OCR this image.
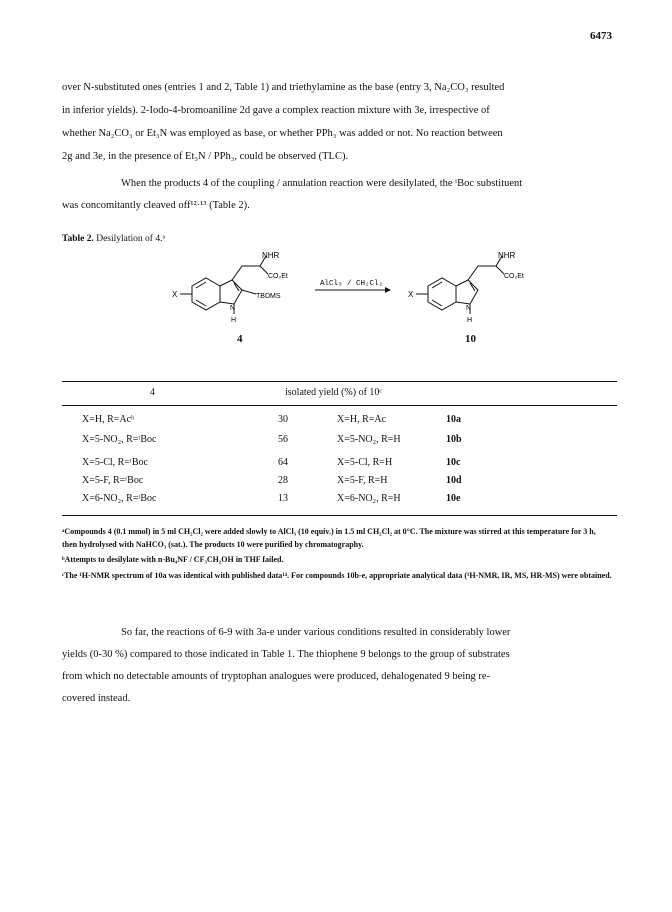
6473
over N-substituted ones (entries 1 and 2, Table 1) and triethylamine as the base (entry 3, Na₂CO₃ resulted
in inferior yields). 2-Iodo-4-bromoaniline 2d gave a complex reaction mixture with 3e, irrespective of
whether Na₂CO₃ or Et₃N was employed as base, or whether PPh₃ was added or not. No reaction between
2g and 3e, in the presence of Et₃N / PPh₃, could be observed (TLC).
When the products 4 of the coupling / annulation reaction were desilylated, the ᵗBoc substituent
was concomitantly cleaved off¹²·¹³ (Table 2).
Table 2. Desilylation of 4.ᵃ
NHR
CO₂Et
TBDMS
X
N
H
AlCl₃ / CH₂Cl₂
NHR
CO₂Et
X
N
H
4	10
4	isolated yield (%) of 10ᶜ
X=H, R=Acᵇ	30	X=H, R=Ac	10a
X=5-NO₂, R=ᵗBoc	56	X=5-NO₂, R=H	10b
X=5-Cl, R=ᵗBoc	64	X=5-Cl, R=H	10c
X=5-F, R=ᵗBoc	28	X=5-F, R=H	10d
X=6-NO₂, R=ᵗBoc	13	X=6-NO₂, R=H	10e
ᵃCompounds 4 (0.1 mmol) in 5 ml CH₂Cl₂ were added slowly to AlCl₃ (10 equiv.) in 1.5 ml CH₂Cl₂ at 0°C. The mixture was stirred at this temperature for 3 h, then hydrolysed with NaHCO₃ (sat.). The products 10 were purified by chromatography.
ᵇAttempts to desilylate with n-Bu₄NF / CF₃CH₂OH in THF failed.
ᶜThe ¹H-NMR spectrum of 10a was identical with published data¹⁴. For compounds 10b-e, appropriate analytical data (¹H-NMR, IR, MS, HR-MS) were obtained.
So far, the reactions of 6-9 with 3a-e under various conditions resulted in considerably lower
yields (0-30 %) compared to those indicated in Table 1. The thiophene 9 belongs to the group of substrates
from which no detectable amounts of tryptophan analogues were produced, dehalogenated 9 being re-
covered instead.
